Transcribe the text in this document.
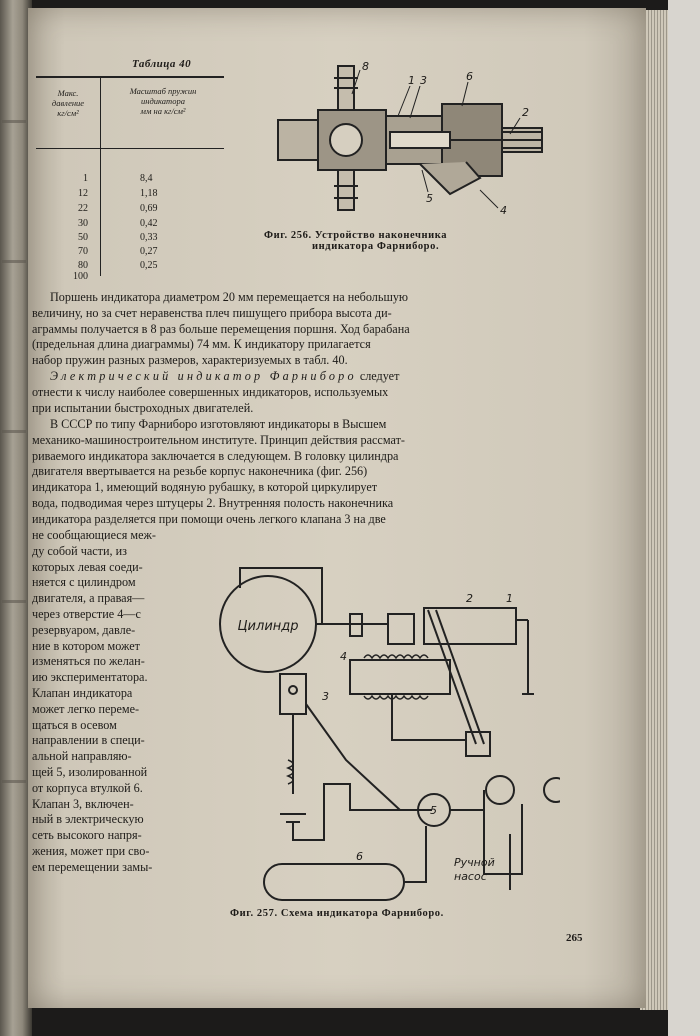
Таблица 40
Макс.
давление
кг/см²
Масштаб пружин
индикатора
мм на кг/см²
1	8,4
12	1,18
22	0,69
30	0,42
50	0,33
70	0,27
80	0,25
100
8
1 3	6
5
4
2
Фиг. 256. Устройство наконечника
индикатора Фарниборо.
Поршень индикатора диаметром 20 мм перемещается на небольшую
величину, но за счет неравенства плеч пишущего прибора высота ди-
аграммы получается в 8 раз больше перемещения поршня. Ход барабана
(предельная длина диаграммы) 74 мм. К индикатору прилагается
набор пружин разных размеров, характеризуемых в табл. 40.
Электрический индикатор Фарниборо следует
отнести к числу наиболее совершенных индикаторов, используемых
при испытании быстроходных двигателей.
В СССР по типу Фарниборо изготовляют индикаторы в Высшем
механико-машиностроительном институте. Принцип действия рассмат-
риваемого индикатора заключается в следующем. В головку цилиндра
двигателя ввертывается на резьбе корпус наконечника (фиг. 256)
индикатора 1, имеющий водяную рубашку, в которой циркулирует
вода, подводимая через штуцеры 2. Внутренняя полость наконечника
индикатора разделяется при помощи очень легкого клапана 3 на две
не сообщающиеся меж-
ду собой части, из
которых левая соеди-
няется с цилиндром
двигателя, а правая—
через отверстие 4—с
резервуаром, давле-
ние в котором может
изменяться по желан-
ию экспериментатора.
Клапан индикатора
может легко переме-
щаться в осевом
направлении в специ-
альной направляю-
щей 5, изолированной
от корпуса втулкой 6.
Клапан 3, включен-
ный в электрическую
сеть высокого напря-
жения, может при сво-
ем перемещении замы-
Цилиндр
Ручной
насос
1
2
3
4
5
6
Фиг. 257. Схема индикатора Фарниборо.
265
